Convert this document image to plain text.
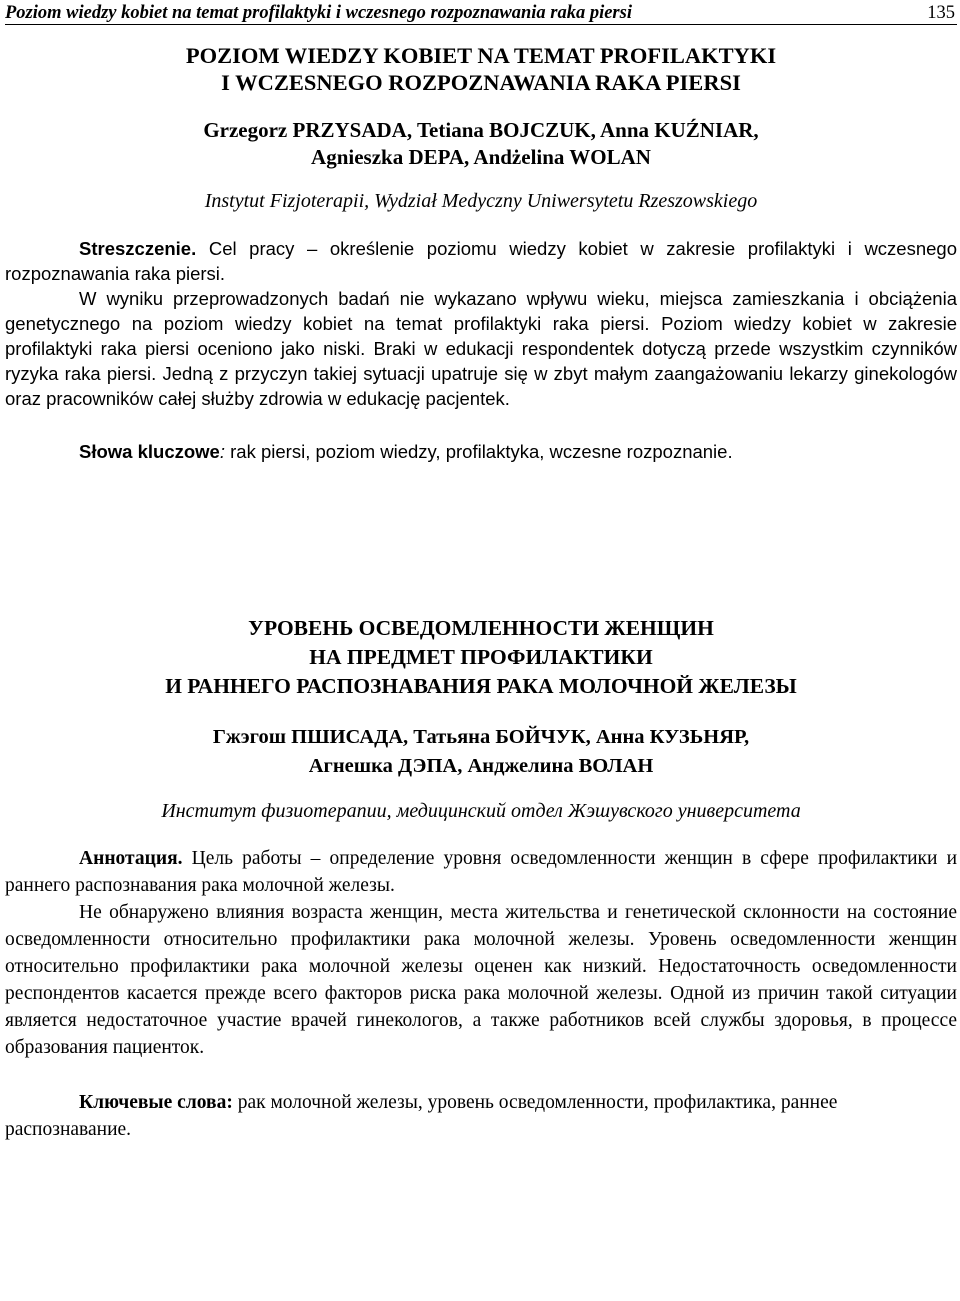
Poziom wiedzy kobiet na temat profilaktyki i wczesnego rozpoznawania raka piersi	135
POZIOM WIEDZY KOBIET NA TEMAT PROFILAKTYKI
I WCZESNEGO ROZPOZNAWANIA RAKA PIERSI
Grzegorz PRZYSADA, Tetiana BOJCZUK, Anna KUŹNIAR,
Agnieszka DEPA, Andżelina WOLAN
Instytut Fizjoterapii, Wydział Medyczny Uniwersytetu Rzeszowskiego

Streszczenie. Cel pracy – określenie poziomu wiedzy kobiet w zakresie profilaktyki i wczesnego rozpoznawania raka piersi.

W wyniku przeprowadzonych badań nie wykazano wpływu wieku, miejsca zamieszkania i obciążenia genetycznego na poziom wiedzy kobiet na temat profilaktyki raka piersi. Poziom wiedzy kobiet w zakresie profilaktyki raka piersi oceniono jako niski. Braki w edukacji respondentek dotyczą przede wszystkim czynników ryzyka raka piersi. Jedną z przyczyn takiej sytuacji upatruje się w zbyt małym zaangażowaniu lekarzy ginekologów oraz pracowników całej służby zdrowia w edukację pacjentek.

Słowa kluczowe: rak piersi, poziom wiedzy, profilaktyka, wczesne rozpoznanie.
УРОВЕНЬ ОСВЕДОМЛЕННОСТИ ЖЕНЩИН
НА ПРЕДМЕТ ПРОФИЛАКТИКИ
И РАННЕГО РАСПОЗНАВАНИЯ РАКА МОЛОЧНОЙ ЖЕЛЕЗЫ
Гжэгош ПШИСАДА, Татьяна БОЙЧУК, Анна КУЗЬНЯР,
Агнешка ДЭПА, Анджелина ВОЛАН
Институт физиотерапии, медицинский отдел Жэшувского университета

Аннотация. Цель работы – определение уровня осведомленности женщин в сфере профилактики и раннего распознавания рака молочной железы.

Не обнаружено влияния возраста женщин, места жительства и генетической склонности на состояние осведомленности относительно профилактики рака молочной железы. Уровень осведомленности женщин относительно профилактики рака молочной железы оценен как низкий. Недостаточность осведомленности респондентов касается прежде всего факторов риска рака молочной железы. Одной из причин такой ситуации является недостаточное участие врачей гинекологов, а также работников всей службы здоровья, в процессе образования пациенток.

Ключевые слова: рак молочной железы, уровень осведомленности, профилактика, раннее распознавание.
